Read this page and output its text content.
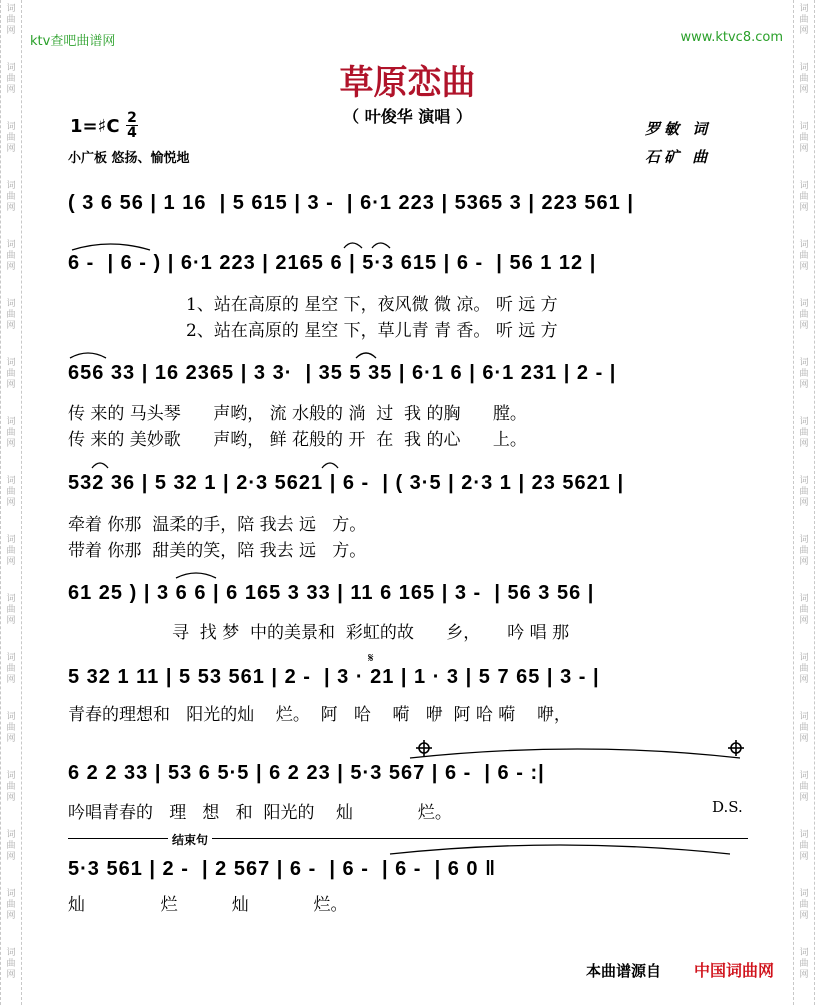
词
曲
网
词
曲
网
词
曲
网
词
曲
网
词
曲
网
词
曲
网
词
曲
网
词
曲
网
词
曲
网
词
曲
网
词
曲
网
词
曲
网
词
曲
网
词
曲
网
词
曲
网
词
曲
网
词
曲
网
词
曲
网
词
曲
网
词
曲
网
词
曲
网
词
曲
网
词
曲
网
词
曲
网
词
曲
网
词
曲
网
词
曲
网
词
曲
网
词
曲
网
词
曲
网
词
曲
网
词
曲
网
词
曲
网
词
曲
网
ktv查吧曲谱网	www.ktvc8.com
草原恋曲
（ 叶俊华 演唱 ）
1=♯C 2
4
小广板 悠扬、愉悦地
罗敏 词
石矿 曲
( 3 6 56 | 1 16  | 5 615 | 3 -  | 6·1 223 | 5365 3 | 223 561 |
6 -  | 6 - ) | 6·1 223 | 2165 6 | 5·3 615 | 6 -  | 56 1 12 |
1、站在高原的 星空 下，夜风微 微 凉。 听 远 方
2、站在高原的 星空 下，草儿青 青 香。 听 远 方
656 33 | 16 2365 | 3 3·  | 35 5 35 | 6·1 6 | 6·1 231 | 2 - |
传 来的 马头琴      声哟， 流 水般的 淌  过  我 的胸      膛。
传 来的 美妙歌      声哟， 鲜 花般的 开  在  我 的心      上。
532 36 | 5 32 1 | 2·3 5621 | 6 -  | ( 3·5 | 2·3 1 | 23 5621 |
牵着 你那  温柔的手，陪 我去 远   方。
带着 你那  甜美的笑，陪 我去 远   方。
61 25 ) | 3 6 6 | 6 165 3 33 | 11 6 165 | 3 -  | 56 3 56 |
寻  找 梦  中的美景和  彩虹的故      乡，     吟 唱 那
5 32 1 11 | 5 53 561 | 2 -  | 3 · 21 | 1 · 3 | 5 7 65 | 3 - |
青春的理想和   阳光的灿    烂。  阿   哈    嗬   咿  阿 哈 嗬    咿，
6 2 2 33 | 53 6 5·5 | 6 2 23 | 5·3 567 | 6 -  | 6 - :|
吟唱青春的   理   想   和  阳光的    灿            烂。	D.S.
结束句
5·3 561 | 2 -  | 2 567 | 6 -  | 6 -  | 6 -  | 6 0 ‖
灿              烂          灿            烂。
𝄋
本曲谱源自 中国词曲网
